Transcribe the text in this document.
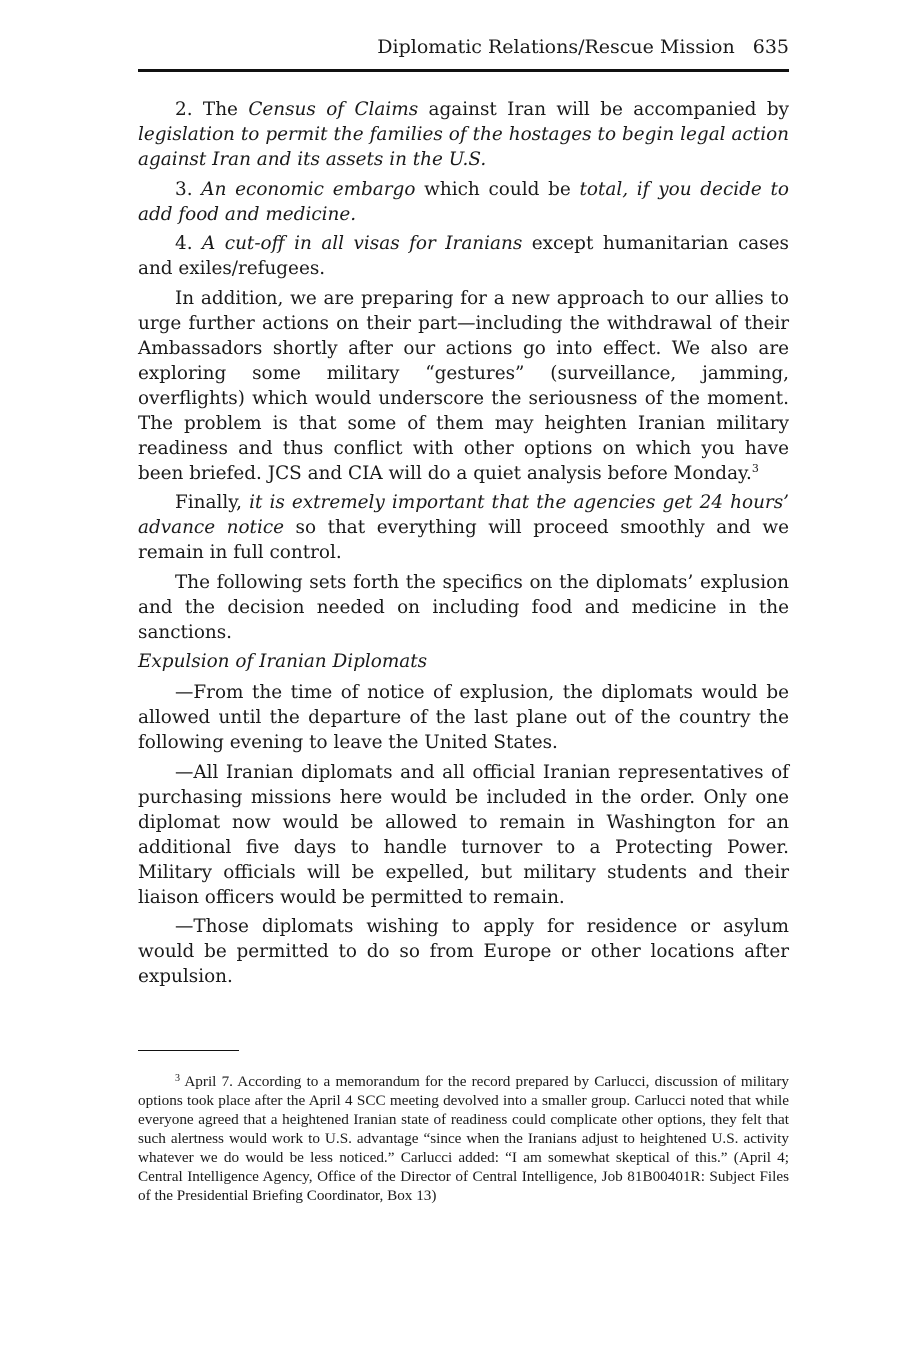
Diplomatic Relations/Rescue Mission 635

2. The Census of Claims against Iran will be accompanied by legislation to permit the families of the hostages to begin legal action against Iran and its assets in the U.S.

3. An economic embargo which could be total, if you decide to add food and medicine.

4. A cut-off in all visas for Iranians except humanitarian cases and exiles/refugees.

In addition, we are preparing for a new approach to our allies to urge further actions on their part—including the withdrawal of their Ambassadors shortly after our actions go into effect. We also are exploring some military “gestures” (surveillance, jamming, overflights) which would underscore the seriousness of the moment. The problem is that some of them may heighten Iranian military readiness and thus conflict with other options on which you have been briefed. JCS and CIA will do a quiet analysis before Monday.$^3$

Finally, it is extremely important that the agencies get 24 hours’ advance notice so that everything will proceed smoothly and we remain in full control.

The following sets forth the specifics on the diplomats’ explusion and the decision needed on including food and medicine in the sanctions.

Expulsion of Iranian Diplomats

—From the time of notice of explusion, the diplomats would be allowed until the departure of the last plane out of the country the following evening to leave the United States.

—All Iranian diplomats and all official Iranian representatives of purchasing missions here would be included in the order. Only one diplomat now would be allowed to remain in Washington for an additional five days to handle turnover to a Protecting Power. Military officials will be expelled, but military students and their liaison officers would be permitted to remain.

—Those diplomats wishing to apply for residence or asylum would be permitted to do so from Europe or other locations after expulsion.

$^3$ April 7. According to a memorandum for the record prepared by Carlucci, discussion of military options took place after the April 4 SCC meeting devolved into a smaller group. Carlucci noted that while everyone agreed that a heightened Iranian state of readiness could complicate other options, they felt that such alertness would work to U.S. advantage “since when the Iranians adjust to heightened U.S. activity whatever we do would be less noticed.” Carlucci added: “I am somewhat skeptical of this.” (April 4; Central Intelligence Agency, Office of the Director of Central Intelligence, Job 81B00401R: Subject Files of the Presidential Briefing Coordinator, Box 13)
